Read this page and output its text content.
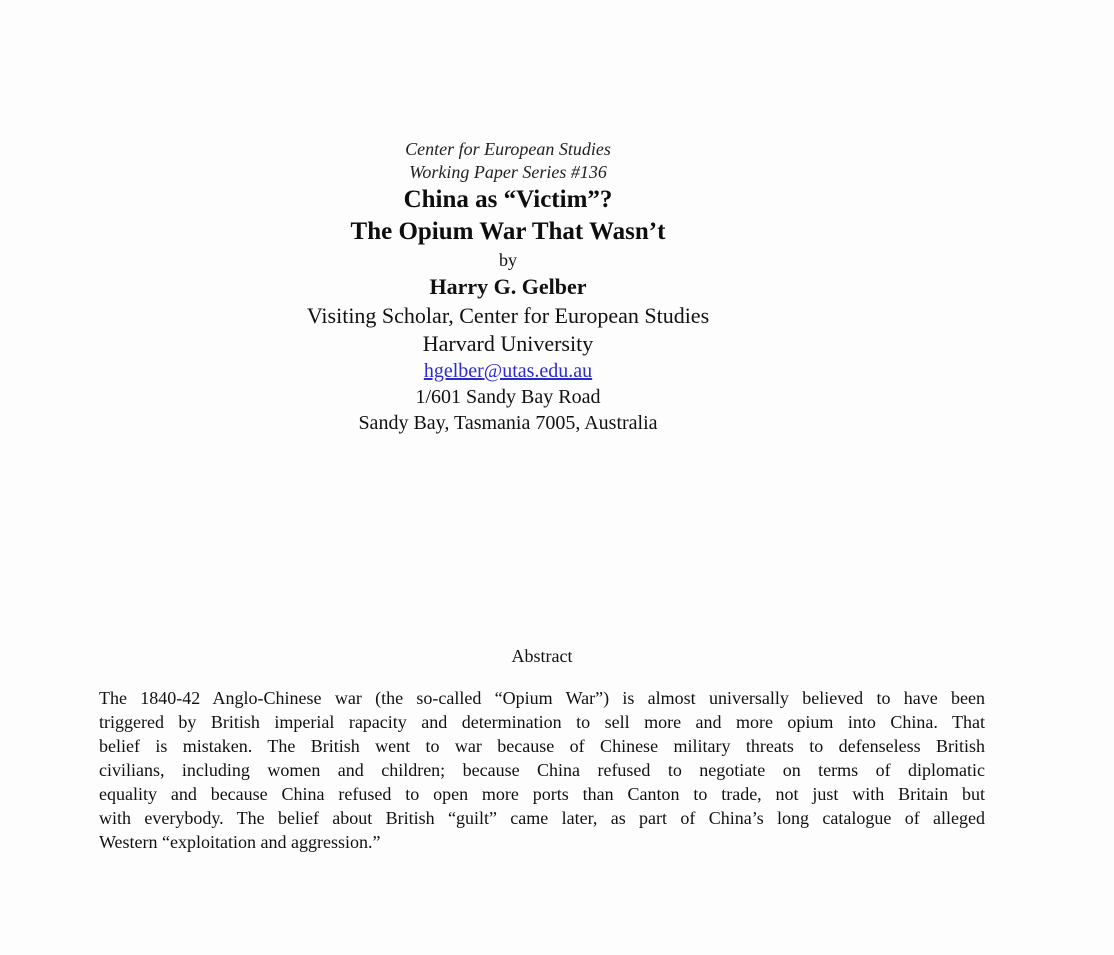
Center for European Studies
Working Paper Series #136
China as “Victim”?
The Opium War That Wasn’t
by
Harry G. Gelber
Visiting Scholar, Center for European Studies
Harvard University
hgelber@utas.edu.au
1/601 Sandy Bay Road
Sandy Bay, Tasmania 7005, Australia
Abstract
The 1840-42 Anglo-Chinese war (the so-called “Opium War”) is almost universally believed to have been
triggered by British imperial rapacity and determination to sell more and more opium into China. That
belief is mistaken. The British went to war because of Chinese military threats to defenseless British
civilians, including women and children; because China refused to negotiate on terms of diplomatic
equality and because China refused to open more ports than Canton to trade, not just with Britain but
with everybody. The belief about British “guilt” came later, as part of China’s long catalogue of alleged
Western “exploitation and aggression.”
